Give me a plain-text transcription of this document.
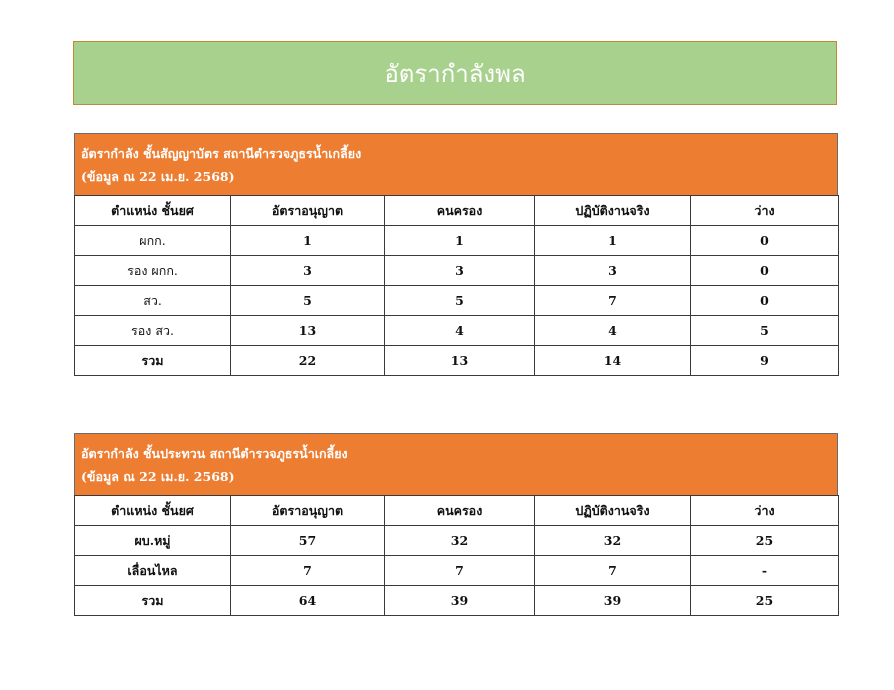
อัตรากำลังพล
อัตรากำลัง ชั้นสัญญาบัตร สถานีตำรวจภูธรน้ำเกลี้ยง
(ข้อมูล ณ 22 เม.ย. 2568)
ตำแหน่ง ชั้นยศ	อัตราอนุญาต	คนครอง	ปฏิบัติงานจริง	ว่าง
ผกก.	1	1	1	0
รอง ผกก.	3	3	3	0
สว.	5	5	7	0
รอง สว.	13	4	4	5
รวม	22	13	14	9
อัตรากำลัง ชั้นประทวน สถานีตำรวจภูธรน้ำเกลี้ยง
(ข้อมูล ณ 22 เม.ย. 2568)
ตำแหน่ง ชั้นยศ	อัตราอนุญาต	คนครอง	ปฏิบัติงานจริง	ว่าง
ผบ.หมู่	57	32	32	25
เลื่อนไหล	7	7	7	-
รวม	64	39	39	25
